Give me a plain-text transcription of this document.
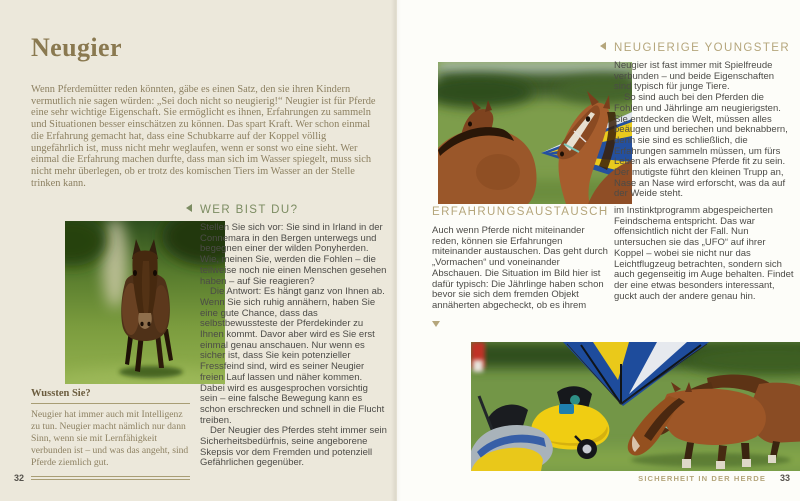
Neugier

Wenn Pferdemütter reden könnten, gäbe es einen Satz, den sie ihren Kindern vermutlich nie sagen würden: „Sei doch nicht so neugierig!“ Neugier ist für Pferde eine sehr wichtige Eigenschaft. Sie ermöglicht es ihnen, Erfahrungen zu sammeln und Situationen besser einschätzen zu können. Das spart Kraft. Wer schon einmal die Erfahrung gemacht hat, dass eine Schubkarre auf der Koppel völlig ungefährlich ist, muss nicht mehr weglaufen, wenn er sonst wo eine sieht. Wer einmal die Erfahrung machen durfte, dass man sich im Wasser spiegelt, muss sich nicht mehr überlegen, ob er trotz des komischen Tiers im Wasser an der Stelle trinken kann.

WER BIST DU?

Stellen Sie sich vor: Sie sind in Irland in der Connemara in den Bergen unterwegs und begegnen einer der wilden Ponyherden. Wie, meinen Sie, werden die Fohlen – die teilweise noch nie einen Menschen gesehen haben – auf Sie reagieren?

Die Antwort: Es hängt ganz von Ihnen ab. Wenn Sie sich ruhig annähern, haben Sie eine gute Chance, dass das selbstbewussteste der Pferdekinder zu Ihnen kommt. Davor aber wird es Sie erst einmal genau anschauen. Nur wenn es sicher ist, dass Sie kein potenzieller Fressfeind sind, wird es seiner Neugier freien Lauf lassen und näher kommen. Dabei wird es ausgesprochen vorsichtig sein – eine falsche Bewegung kann es schon erschrecken und schnell in die Flucht treiben.

Der Neugier des Pferdes steht immer sein Sicherheitsbedürfnis, seine angeborene Skepsis vor dem Fremden und potenziell Gefährlichen gegenüber.

Wussten Sie?

Neugier hat immer auch mit Intelligenz zu tun. Neugier macht nämlich nur dann Sinn, wenn sie mit Lernfähigkeit verbunden ist – und was das angeht, sind Pferde ziemlich gut.

32
NEUGIERIGE YOUNGSTER

Neugier ist fast immer mit Spielfreude verbunden – und beide Eigenschaften sind typisch für junge Tiere.

So sind auch bei den Pferden die Fohlen und Jährlinge am neugierigsten. Sie entdecken die Welt, müssen alles beäugen und beriechen und beknabbern, denn sie sind es schließlich, die Erfahrungen sammeln müssen, um fürs Leben als erwachsene Pferde fit zu sein. Der mutigste führt den kleinen Trupp an, Nase an Nase wird erforscht, was da auf der Weide steht.

ERFAHRUNGSAUSTAUSCH

Auch wenn Pferde nicht miteinander reden, können sie Erfahrungen miteinander austauschen. Das geht durch „Vormachen“ und voneinander Abschauen. Die Situation im Bild hier ist dafür typisch: Die Jährlinge haben schon bevor sie sich dem fremden Objekt annäherten abgecheckt, ob es ihrem

im Instinktprogramm abgespeicherten Feindschema entspricht. Das war offensichtlich nicht der Fall. Nun untersuchen sie das „UFO“ auf ihrer Koppel – wobei sie nicht nur das Leichtflugzeug betrachten, sondern sich auch gegenseitig im Auge behalten. Findet der eine etwas besonders interessant, guckt auch der andere genau hin.

SICHERHEIT IN DER HERDE 33
